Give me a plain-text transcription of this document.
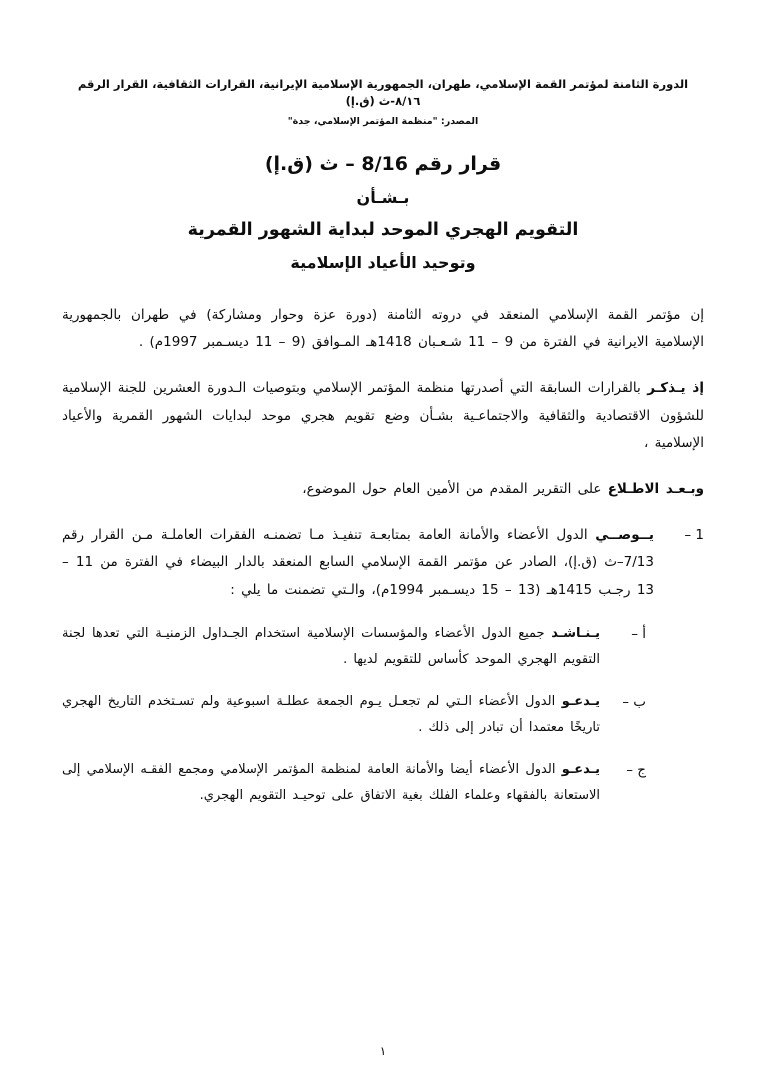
الدورة الثامنة لمؤتمر القمة الإسلامي، طهران، الجمهورية الإسلامية الإيرانية، القرارات الثقافية، القرار الرقم ٨/١٦-ث (ق.إ)
المصدر: "منظمة المؤتمر الإسلامي، جدة"
قرار رقم 8/16 – ث (ق.إ)
بـشـأن
التقويم الهجري الموحد لبداية الشهور القمرية
وتوحيد الأعياد الإسلامية

إن مؤتمر القمة الإسلامي المنعقد في دروته الثامنة (دورة عزة وحوار ومشاركة) في طهران بالجمهورية الإسلامية الايرانية في الفترة من 9 – 11 شـعـبان 1418هـ المـوافق (9 – 11 ديسـمبر 1997م) .

إذ يـذكـر بالقرارات السابقة التي أصدرتها منظمة المؤتمر الإسلامي وبتوصيات الـدورة العشرين للجنة الإسلامية للشؤون الاقتصادية والثقافية والاجتماعـية بشـأن وضع تقويم هجري موحد لبدايات الشهور القمرية والأعياد الإسلامية ،

وبـعـد الاطـلاع على التقرير المقدم من الأمين العام حول الموضوع،

1 –
يــوصــي الدول الأعضاء والأمانة العامة بمتابعـة تنفيـذ مـا تضمنـه الفقرات العاملـة مـن القرار رقم 7/13–ث (ق.إ)، الصادر عن مؤتمر القمة الإسلامي السابع المنعقد بالدار البيضاء في الفترة من 11 – 13 رجـب 1415هـ (13 – 15 ديسـمبر 1994م)، والـتي تضمنت ما يلي :
أ –
يـنـاشـد جميع الدول الأعضاء والمؤسسات الإسلامية استخدام الجـداول الزمنيـة التي تعدها لجنة التقويم الهجري الموحد كأساس للتقويم لديها .
ب –
يـدعـو الدول الأعضاء الـتي لم تجعـل يـوم الجمعة عطلـة اسبوعية ولم تسـتخدم التاريخ الهجري تاريخًا معتمدا أن تبادر إلى ذلك .
ج –
يـدعـو الدول الأعضاء أيضا والأمانة العامة لمنظمة المؤتمر الإسلامي ومجمع الفقـه الإسلامي إلى الاستعانة بالفقهاء وعلماء الفلك بغية الاتفاق على توحيـد التقويم الهجري.
١
